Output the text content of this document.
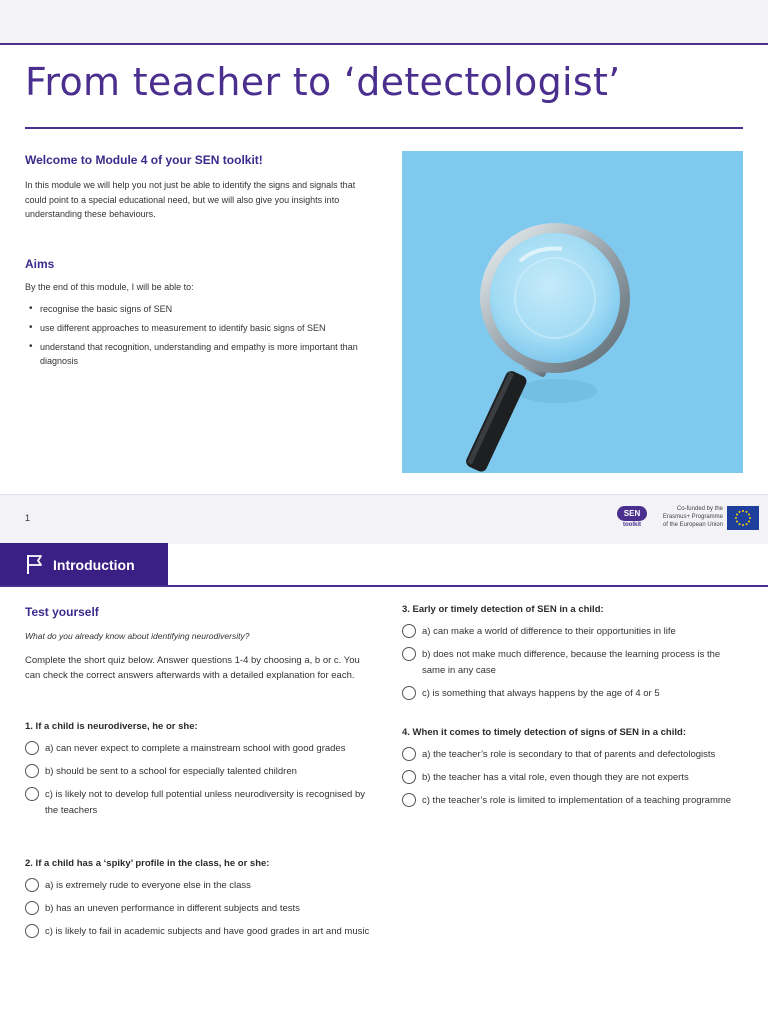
From teacher to ‘detectologist’
Welcome to Module 4 of your SEN toolkit!

In this module we will help you not just be able to identify the signs and signals that could point to a special educational need, but we will also give you insights into understanding these behaviours.

Aims

By the end of this module, I will be able to:

• recognise the basic signs of SEN
• use different approaches to measurement to identify basic signs of SEN
• understand that recognition, understanding and empathy is more important than diagnosis
1	SEN
toolkit
Co-funded by the
Erasmus+ Programme
of the European Union
Introduction
Test yourself

What do you already know about identifying neurodiversity?

Complete the short quiz below. Answer questions 1-4 by choosing a, b or c. You can check the correct answers afterwards with a detailed explanation for each.

1. If a child is neurodiverse, he or she:

a) can never expect to complete a mainstream school with good grades
b) should be sent to a school for especially talented children
c) is likely not to develop full potential unless neurodiversity is recognised by the teachers

2. If a child has a ‘spiky’ profile in the class, he or she:

a) is extremely rude to everyone else in the class
b) has an uneven performance in different subjects and tests
c) is likely to fail in academic subjects and have good grades in art and music

3. Early or timely detection of SEN in a child:

a) can make a world of difference to their opportunities in life
b) does not make much difference, because the learning process is the same in any case
c) is something that always happens by the age of 4 or 5

4. When it comes to timely detection of signs of SEN in a child:

a) the teacher’s role is secondary to that of parents and defectologists
b) the teacher has a vital role, even though they are not experts
c) the teacher’s role is limited to implementation of a teaching programme
